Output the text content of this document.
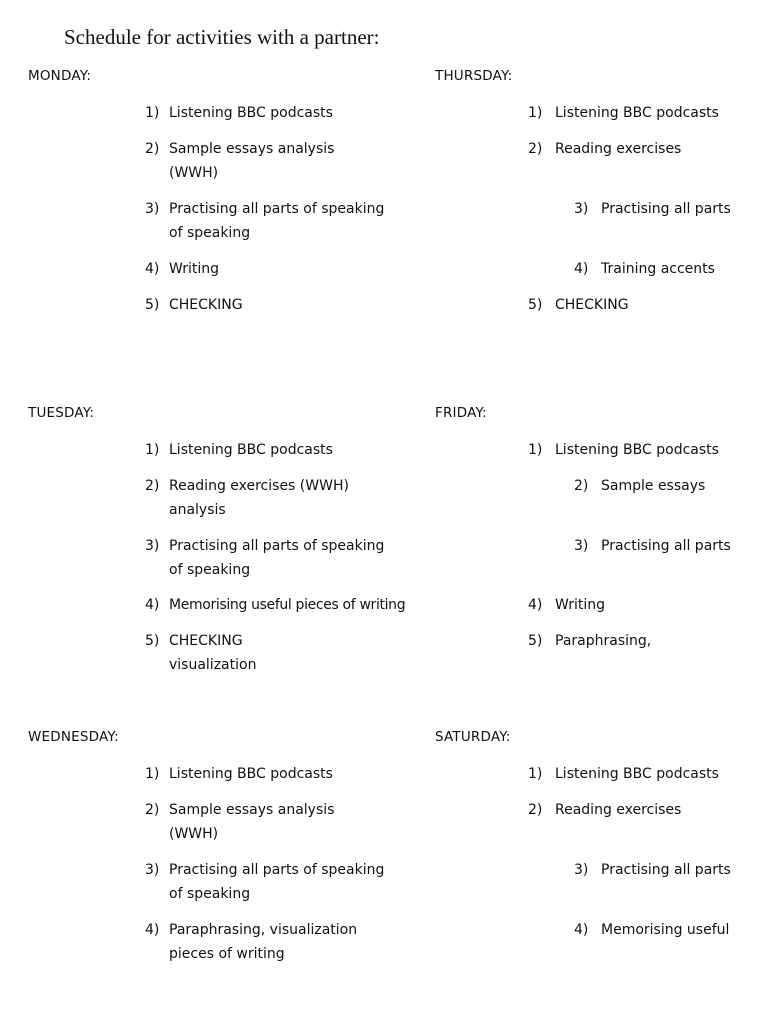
Schedule for activities with a partner:
MONDAY:
1) Listening BBC podcasts
2) Sample essays analysis
(WWH)
3) Practising all parts of speaking
of speaking
4) Writing
5) CHECKING
THURSDAY:
1) Listening BBC podcasts
2) Reading exercises
3) Practising all parts
4) Training accents
5) CHECKING
TUESDAY:
1) Listening BBC podcasts
2) Reading exercises (WWH)
analysis
3) Practising all parts of speaking
of speaking
4) Memorising useful pieces of writing
5) CHECKING
visualization
FRIDAY:
1) Listening BBC podcasts
2) Sample essays
3) Practising all parts
4) Writing
5) Paraphrasing,
WEDNESDAY:
1) Listening BBC podcasts
2) Sample essays analysis
(WWH)
3) Practising all parts of speaking
of speaking
4) Paraphrasing, visualization
pieces of writing
SATURDAY:
1) Listening BBC podcasts
2) Reading exercises
3) Practising all parts
4) Memorising useful
